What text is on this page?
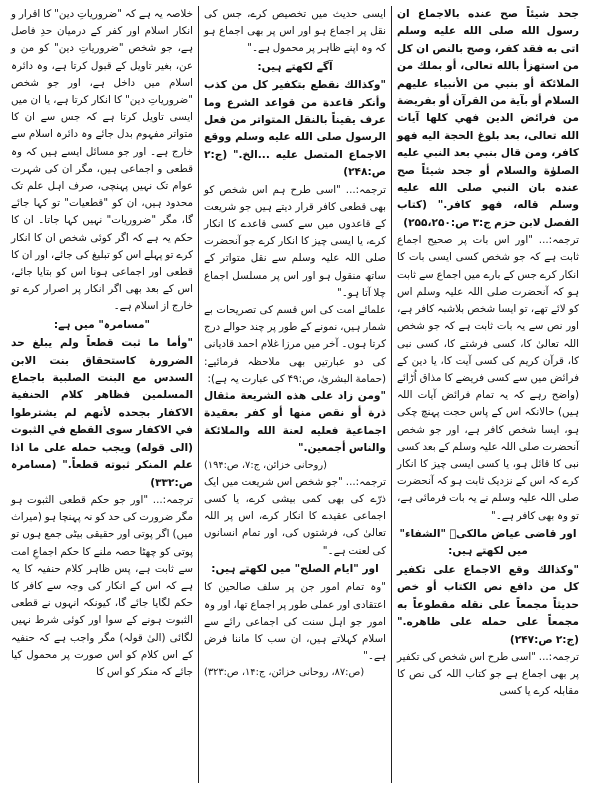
جحد شيئاً صح عنده بالاجماع ان رسول الله صلى الله عليه وسلم اتى به فقد كفر، وصح بالنص ان كل من استهزأ بالله تعالى، أو بملك من الملائكة أو بنبي من الأنبياء عليهم السلام أو بآية من القرآن أو بفريضة من فرائض الدين فهي كلها آيات الله تعالى، بعد بلوغ الحجة اليه فهو كافر، ومن قال بنبي بعد النبي عليه الصلوٰة والسلام أو جحد شيئاً صح عنده بان النبي صلى الله عليه وسلم قاله، فهو كافر." (كتاب الفصل لابن حزم ج:۳ ص:۲۵۵،۲۵۰)

ترجمہ:... "اور اس بات پر صحیح اجماع ثابت ہے کہ جو شخص کسی ایسی بات کا انکار کرے جس کے بارے میں اجماع سے ثابت ہو کہ آنحضرت صلی اللہ علیہ وسلم اس کو لائے تھے، تو ایسا شخص بلاشبہ کافر ہے، اور نص سے یہ بات ثابت ہے کہ جو شخص اللہ تعالیٰ کا، کسی فرشتے کا، کسی نبی کا، قرآن کریم کی کسی آیت کا، یا دین کے فرائض میں سے کسی فریضے کا مذاق اُڑائے (واضح رہے کہ یہ تمام فرائض آیات اللہ ہیں) حالانکہ اس کے پاس حجت پہنچ چکی ہو، ایسا شخص کافر ہے، اور جو شخص آنحضرت صلی اللہ علیہ وسلم کے بعد کسی نبی کا قائل ہو، یا کسی ایسی چیز کا انکار کرے کہ اس کے نزدیک ثابت ہو کہ آنحضرت صلی اللہ علیہ وسلم نے یہ بات فرمائی ہے، تو وہ بھی کافر ہے۔"

اور قاضی عیاض مالکیؒ "الشفاء" میں لکھتے ہیں:

"وكذالك وقع الاجماع على تكفير كل من دافع نص الكتاب أو خص حديثاً مجمعاً على نقله مقطوعاً به مجمعاً على حمله على ظاهره." (ج:۲ ص:۲۴۷)

ترجمہ:... "اسی طرح اس شخص کی تکفیر پر بھی اجماع ہے جو کتاب اللہ کی نص کا مقابلہ کرے یا کسی

ایسی حدیث میں تخصیص کرے، جس کی نقل پر اجماع ہو اور اس پر بھی اجماع ہو کہ وہ اپنے ظاہر پر محمول ہے۔"

آگے لکھتے ہیں:

"وكذالك نقطع بتكفير كل من كذب وأنكر قاعدة من قواعد الشرع وما عرف يقيناً بالنقل المتواتر من فعل الرسول صلى الله عليه وسلم ووقع الاجماع المتصل عليه ...الخ." (ج:۲ ص:۲۴۸)

ترجمہ:... "اسی طرح ہم اس شخص کو بھی قطعی کافر قرار دیتے ہیں جو شریعت کے قاعدوں میں سے کسی قاعدے کا انکار کرے، یا ایسی چیز کا انکار کرے جو آنحضرت صلی اللہ علیہ وسلم سے نقل متواتر کے ساتھ منقول ہو اور اس پر مسلسل اجماع چلا آتا ہو۔"

علمائے امت کی اس قسم کی تصریحات بے شمار ہیں، نمونے کے طور پر چند حوالے درج کرتا ہوں۔ آخر میں مرزا غلام احمد قادیانی کی دو عبارتیں بھی ملاحظہ فرمائیے: (حمامة البشریٰ، ص:۴۹ کی عبارت یہ ہے):

"ومن زاد على هذه الشريعة مثقال ذرة أو نقص منها أو كفر بعقيدة اجماعية فعليه لعنة الله والملائكة والناس أجمعين."

(روحانی خزائن، ج:۷، ص:۱۹۴)

ترجمہ:... "جو شخص اس شریعت میں ایک ذرّے کی بھی کمی بیشی کرے، یا کسی اجماعی عقیدے کا انکار کرے، اس پر اللہ تعالیٰ کی، فرشتوں کی، اور تمام انسانوں کی لعنت ہے۔"

اور "ایام الصلح" میں لکھتے ہیں:

"وہ تمام امور جن پر سلف صالحین کا اعتقادی اور عملی طور پر اجماع تھا، اور وہ امور جو اہل سنت کی اجماعی رائے سے اسلام کہلاتے ہیں، ان سب کا ماننا فرض ہے۔"

(ص:۸۷، روحانی خزائن، ج:۱۴، ص:۳۲۳)

خلاصہ یہ ہے کہ "ضروریاتِ دین" کا اقرار و انکار اسلام اور کفر کے درمیان حدِ فاصل ہے، جو شخص "ضروریاتِ دین" کو من و عن، بغیر تاویل کے قبول کرتا ہے، وہ دائرہ اسلام میں داخل ہے، اور جو شخص "ضروریاتِ دین" کا انکار کرتا ہے، یا ان میں ایسی تاویل کرتا ہے کہ جس سے ان کا متواتر مفہوم بدل جائے وہ دائرہ اسلام سے خارج ہے۔ اور جو مسائل ایسے ہیں کہ وہ قطعی و اجماعی ہیں، مگر ان کی شہرت عوام تک نہیں پہنچی، صرف اہل علم تک محدود ہیں، ان کو "قطعیات" تو کہا جائے گا، مگر "ضروریات" نہیں کہا جاتا۔ ان کا حکم یہ ہے کہ اگر کوئی شخص ان کا انکار کرے تو پہلے اس کو تبلیغ کی جائے، اور ان کا قطعی اور اجماعی ہونا اس کو بتایا جائے، اس کے بعد بھی اگر انکار پر اصرار کرے تو خارج از اسلام ہے۔

"مسامرہ" میں ہے:

"وأما ما ثبت قطعاً ولم يبلغ حد الضرورة كاستحقاق بنت الابن السدس مع البنت الصلبية باجماع المسلمين فظاهر كلام الحنفية الاكفار بجحده لأنهم لم يشترطوا في الاكفار سوى القطع في الثبوت (الى قوله) ويجب حمله على ما اذا علم المنكر ثبوته قطعاً." (مسامرہ ص:۳۳۲)

ترجمہ:... "اور جو حکم قطعی الثبوت ہو مگر ضرورت کی حد کو نہ پہنچا ہو (میراث میں) اگر پوتی اور حقیقی بیٹی جمع ہوں تو پوتی کو چھٹا حصہ ملنے کا حکم اجماعِ امت سے ثابت ہے، پس ظاہر کلام حنفیہ کا یہ ہے کہ اس کے انکار کی وجہ سے کافر کا حکم لگایا جائے گا، کیونکہ انہوں نے قطعی الثبوت ہونے کے سوا اور کوئی شرط نہیں لگائی (الیٰ قولہ) مگر واجب ہے کہ حنفیہ کے اس کلام کو اس صورت پر محمول کیا جائے کہ منکر کو اس کا
